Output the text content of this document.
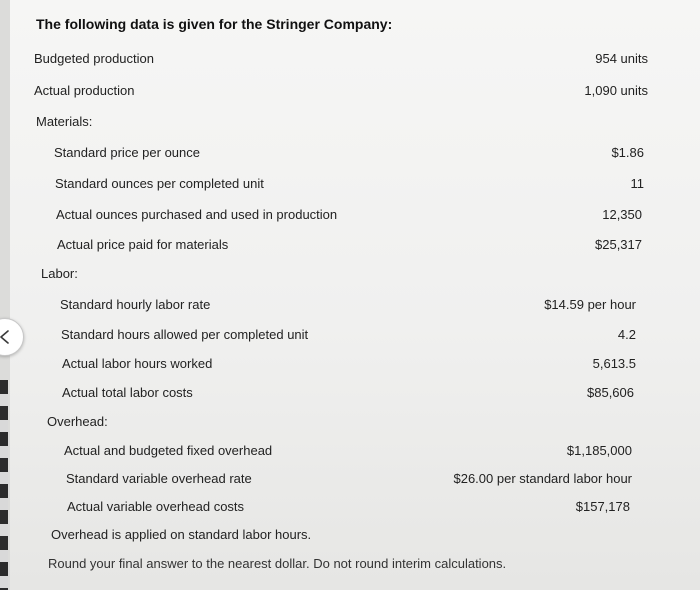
The following data is given for the Stringer Company:
Budgeted production	954 units
Actual production	1,090 units
Materials:
Standard price per ounce	$1.86
Standard ounces per completed unit	11
Actual ounces purchased and used in production	12,350
Actual price paid for materials	$25,317
Labor:
Standard hourly labor rate	$14.59 per hour
Standard hours allowed per completed unit	4.2
Actual labor hours worked	5,613.5
Actual total labor costs	$85,606
Overhead:
Actual and budgeted fixed overhead	$1,185,000
Standard variable overhead rate	$26.00 per standard labor hour
Actual variable overhead costs	$157,178
Overhead is applied on standard labor hours.
Round your final answer to the nearest dollar. Do not round interim calculations.
